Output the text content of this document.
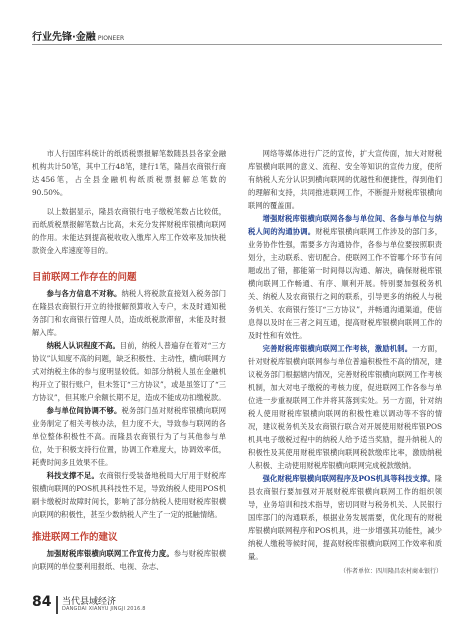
行业先锋·金融 PIONEER

市人行国库科统计的纸质税票报解笔数随县县各家金融机构共计50笔，其中工行48笔，建行1笔，隆昌农商银行商达456笔，占全县金融机构纸质税票报解总笔数的90.50%。

以上数据显示，隆县农商银行电子缴税笔数占比较低，而纸质税票报解笔数占比高，未充分发挥财税库银横向联网的作用。未能达到提高税收收入缴库入库工作效率及加快税款资金入库速度等目的。

目前联网工作存在的问题

参与各方信息不对称。纳税人将税款直接划入税务部门在隆县农商银行开立的待报解预算收入专户，未及时通知税务部门和农商银行管理人员，造成纸税款滞留，未能及时报解入库。

纳税人认识程度不高。目前，纳税人普遍存在着对“三方协议”认知度不高的问题，缺乏积极性、主动性，横向联网方式对纳税主体的参与度明显较低。如部分纳税人虽在金融机构开立了银行账户，但未签订“三方协议”，或是虽签订了“三方协议”，但其账户余额长期不足，造成不能成功扣缴税款。

参与单位间协调不够。税务部门虽对财税库银横向联网业务制定了相关考核办法，但力度不大，导致参与联网的各单位整体积极性不高。而隆县农商银行为了与其他参与单位，处于积极支持行位置，协调工作难度大，协调效率低，耗费时间多且效果不佳。

科技支撑不足。农商银行受装备地税局大厅用于财税库银横向联网的POS机具科技性不足，导致纳税人使用POS机刷卡缴税时故障时间长，影响了部分纳税人使用财税库银横向联网的积极性，甚至少数纳税人产生了一定的抵触情绪。

推进联网工作的建议

加强财税库银横向联网工作宣传力度。参与财税库银横向联网的单位要利用报纸、电视、杂志、

网络等媒体进行广泛的宣传，扩大宣传面，加大对财税库银横向联网的意义、流程、安全等知识的宣传力度，使所有纳税人充分认识到横向联网的优越性和便捷性，得到他们的理解和支持，共同推进联网工作，不断提升财税库银横向联网的覆盖面。

增强财税库银横向联网各参与单位间、各参与单位与纳税人间的沟通协调。财税库银横向联网工作涉及的部门多，业务协作性强，需要多方沟通协作，各参与单位要按照职责划分，主动联系、密切配合。使联网工作不管哪个环节有问题或出了错，都能第一时间得以沟通、解决，确保财税库银横向联网工作畅通、有序、顺利开展。特别要加强税务机关、纳税人及农商银行之间的联系，引导更多的纳税人与税务机关、农商银行签订“三方协议”，并畅通沟通渠道，使信息得以及时在三者之间互通，提高财税库银横向联网工作的及时性和有效性。

完善财税库银横向联网工作考核，激励机制。一方面，针对财税库银横向联网参与单位普遍积极性不高的情况，建议税务部门根据辖内情况，完善财税库银横向联网工作考核机制，加大对电子缴税的考核力度，促进联网工作各参与单位进一步重视联网工作并将其落到实处。另一方面，针对纳税人使用财税库银横向联网的积极性难以调动等不容的情况，建议税务机关及农商银行联合对开展使用财税库银POS机具电子缴税过程中的纳税人给予适当奖励，提升纳税人的积极性及其使用财税库银横向联网税款缴库比率，激励纳税人积极、主动使用财税库银横向联网完成税款缴纳。

强化财税库银横向联网程序及POS机具等科技支撑。隆县农商银行要加强对开展财税库银横向联网工作的组织领导，业务培训和技术指导，密切同财与税务机关、人民银行国库部门的沟通联系，根据业务发展需要，优化现有的财税库银横向联网程序和POS机具，进一步增强其功能性，减少纳税人缴税等候时间，提高财税库银横向联网工作效率和质量。

（作者单位：四川隆昌农村商业银行）
84 当代县域经济
DANGDAI XIANYU JINGJI 2016.8
